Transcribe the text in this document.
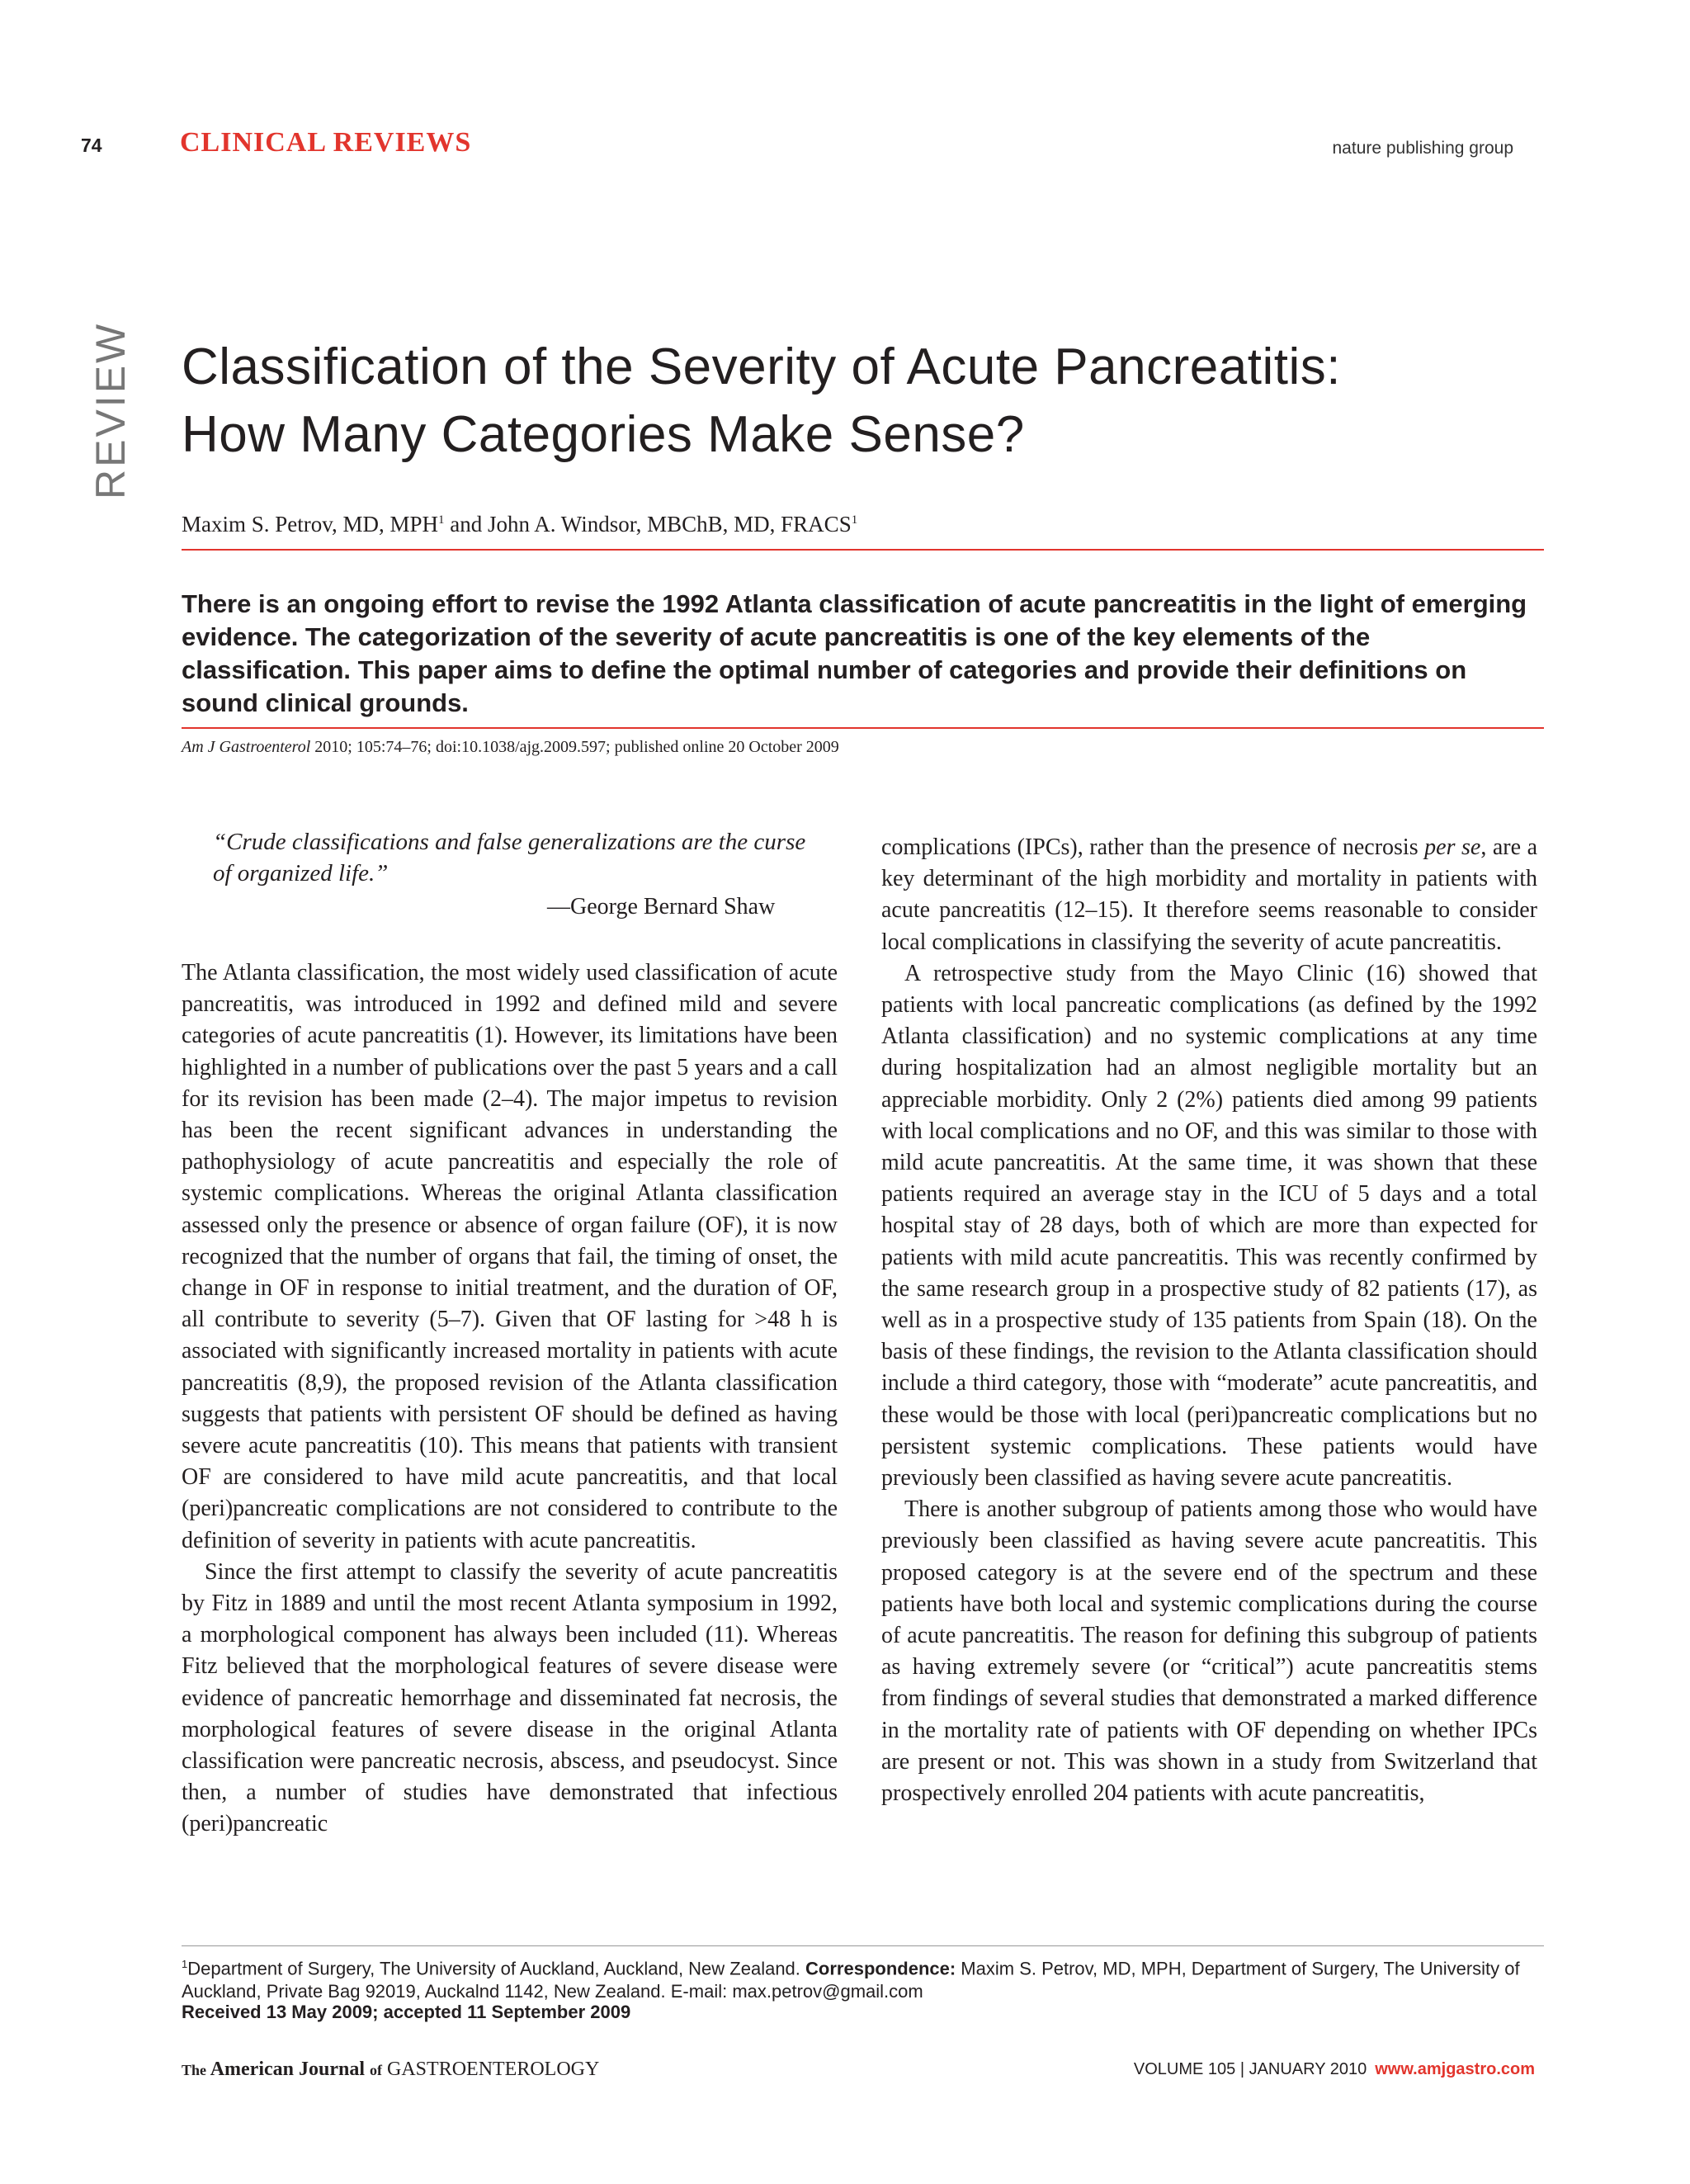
74	CLINICAL REVIEWS	nature publishing group
REVIEW Classification of the Severity of Acute Pancreatitis:
How Many Categories Make Sense?
Maxim S. Petrov, MD, MPH$^1$ and John A. Windsor, MBChB, MD, FRACS$^1$
There is an ongoing effort to revise the 1992 Atlanta classification of acute pancreatitis in the light of emerging evidence. The categorization of the severity of acute pancreatitis is one of the key elements of the classification. This paper aims to define the optimal number of categories and provide their definitions on sound clinical grounds.
Am J Gastroenterol 2010; 105:74–76; doi:10.1038/ajg.2009.597; published online 20 October 2009
“Crude classifications and false generalizations are the curse of organized life.”
—George Bernard Shaw

The Atlanta classification, the most widely used classification of acute pancreatitis, was introduced in 1992 and defined mild and severe categories of acute pancreatitis (1). However, its limitations have been highlighted in a number of publications over the past 5 years and a call for its revision has been made (2–4). The major impetus to revision has been the recent significant advances in understanding the pathophysiology of acute pancreatitis and especially the role of systemic complications. Whereas the original Atlanta classification assessed only the presence or absence of organ failure (OF), it is now recognized that the number of organs that fail, the timing of onset, the change in OF in response to initial treatment, and the duration of OF, all contribute to severity (5–7). Given that OF lasting for >48 h is associated with significantly increased mortality in patients with acute pancreatitis (8,9), the proposed revision of the Atlanta classification suggests that patients with persistent OF should be defined as having severe acute pancreatitis (10). This means that patients with transient OF are considered to have mild acute pancreatitis, and that local (peri)pancreatic complications are not considered to contribute to the definition of severity in patients with acute pancreatitis.

Since the first attempt to classify the severity of acute pancreatitis by Fitz in 1889 and until the most recent Atlanta symposium in 1992, a morphological component has always been included (11). Whereas Fitz believed that the morphological features of severe disease were evidence of pancreatic hemorrhage and disseminated fat necrosis, the morphological features of severe disease in the original Atlanta classification were pancreatic necrosis, abscess, and pseudocyst. Since then, a number of studies have demonstrated that infectious (peri)pancreatic

complications (IPCs), rather than the presence of necrosis per se, are a key determinant of the high morbidity and mortality in patients with acute pancreatitis (12–15). It therefore seems reasonable to consider local complications in classifying the severity of acute pancreatitis.

A retrospective study from the Mayo Clinic (16) showed that patients with local pancreatic complications (as defined by the 1992 Atlanta classification) and no systemic complications at any time during hospitalization had an almost negligible mortality but an appreciable morbidity. Only 2 (2%) patients died among 99 patients with local complications and no OF, and this was similar to those with mild acute pancreatitis. At the same time, it was shown that these patients required an average stay in the ICU of 5 days and a total hospital stay of 28 days, both of which are more than expected for patients with mild acute pancreatitis. This was recently confirmed by the same research group in a prospective study of 82 patients (17), as well as in a prospective study of 135 patients from Spain (18). On the basis of these findings, the revision to the Atlanta classification should include a third category, those with “moderate” acute pancreatitis, and these would be those with local (peri)pancreatic complications but no persistent systemic complications. These patients would have previously been classified as having severe acute pancreatitis.

There is another subgroup of patients among those who would have previously been classified as having severe acute pancreatitis. This proposed category is at the severe end of the spectrum and these patients have both local and systemic complications during the course of acute pancreatitis. The reason for defining this subgroup of patients as having extremely severe (or “critical”) acute pancreatitis stems from findings of several studies that demonstrated a marked difference in the mortality rate of patients with OF depending on whether IPCs are present or not. This was shown in a study from Switzerland that prospectively enrolled 204 patients with acute pancreatitis,

$^1$Department of Surgery, The University of Auckland, Auckland, New Zealand. Correspondence: Maxim S. Petrov, MD, MPH, Department of Surgery, The University of Auckland, Private Bag 92019, Auckalnd 1142, New Zealand. E-mail: max.petrov@gmail.com
Received 13 May 2009; accepted 11 September 2009
The American Journal of GASTROENTEROLOGY	VOLUME 105 | JANUARY 2010 www.amjgastro.com
